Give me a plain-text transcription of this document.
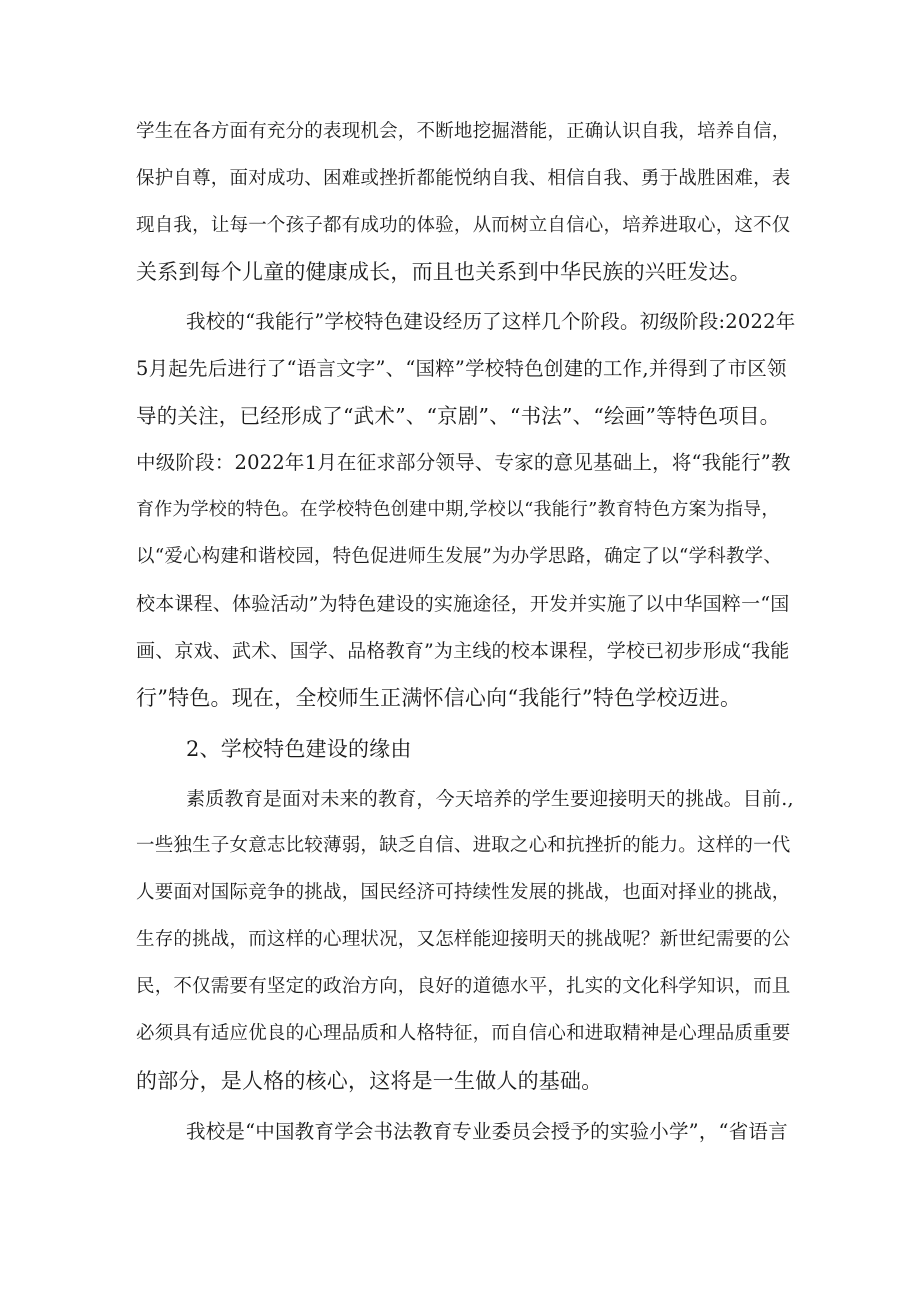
学生在各方面有充分的表现机会，不断地挖掘潜能，正确认识自我，培养自信，
保护自尊，面对成功、困难或挫折都能悦纳自我、相信自我、勇于战胜困难，表
现自我，让每一个孩子都有成功的体验，从而树立自信心，培养进取心，这不仅
关系到每个儿童的健康成长，而且也关系到中华民族的兴旺发达。
我校的“我能行”学校特色建设经历了这样几个阶段。初级阶段:2022年
5月起先后进行了“语言文字”、“国粹”学校特色创建的工作,并得到了市区领
导的关注，已经形成了“武术”、“京剧”、“书法”、“绘画”等特色项目。
中级阶段：2022年1月在征求部分领导、专家的意见基础上，将“我能行”教
育作为学校的特色。在学校特色创建中期,学校以“我能行”教育特色方案为指导，
以“爱心构建和谐校园，特色促进师生发展”为办学思路，确定了以“学科教学、
校本课程、体验活动”为特色建设的实施途径，开发并实施了以中华国粹一“国
画、京戏、武术、国学、品格教育”为主线的校本课程，学校已初步形成“我能
行”特色。现在，全校师生正满怀信心向“我能行”特色学校迈进。
2、学校特色建设的缘由
素质教育是面对未来的教育，今天培养的学生要迎接明天的挑战。目前.,
一些独生子女意志比较薄弱，缺乏自信、进取之心和抗挫折的能力。这样的一代
人要面对国际竞争的挑战，国民经济可持续性发展的挑战，也面对择业的挑战，
生存的挑战，而这样的心理状况，又怎样能迎接明天的挑战呢？新世纪需要的公
民，不仅需要有坚定的政治方向，良好的道德水平，扎实的文化科学知识，而且
必须具有适应优良的心理品质和人格特征，而自信心和进取精神是心理品质重要
的部分，是人格的核心，这将是一生做人的基础。
我校是“中国教育学会书法教育专业委员会授予的实验小学”，“省语言
